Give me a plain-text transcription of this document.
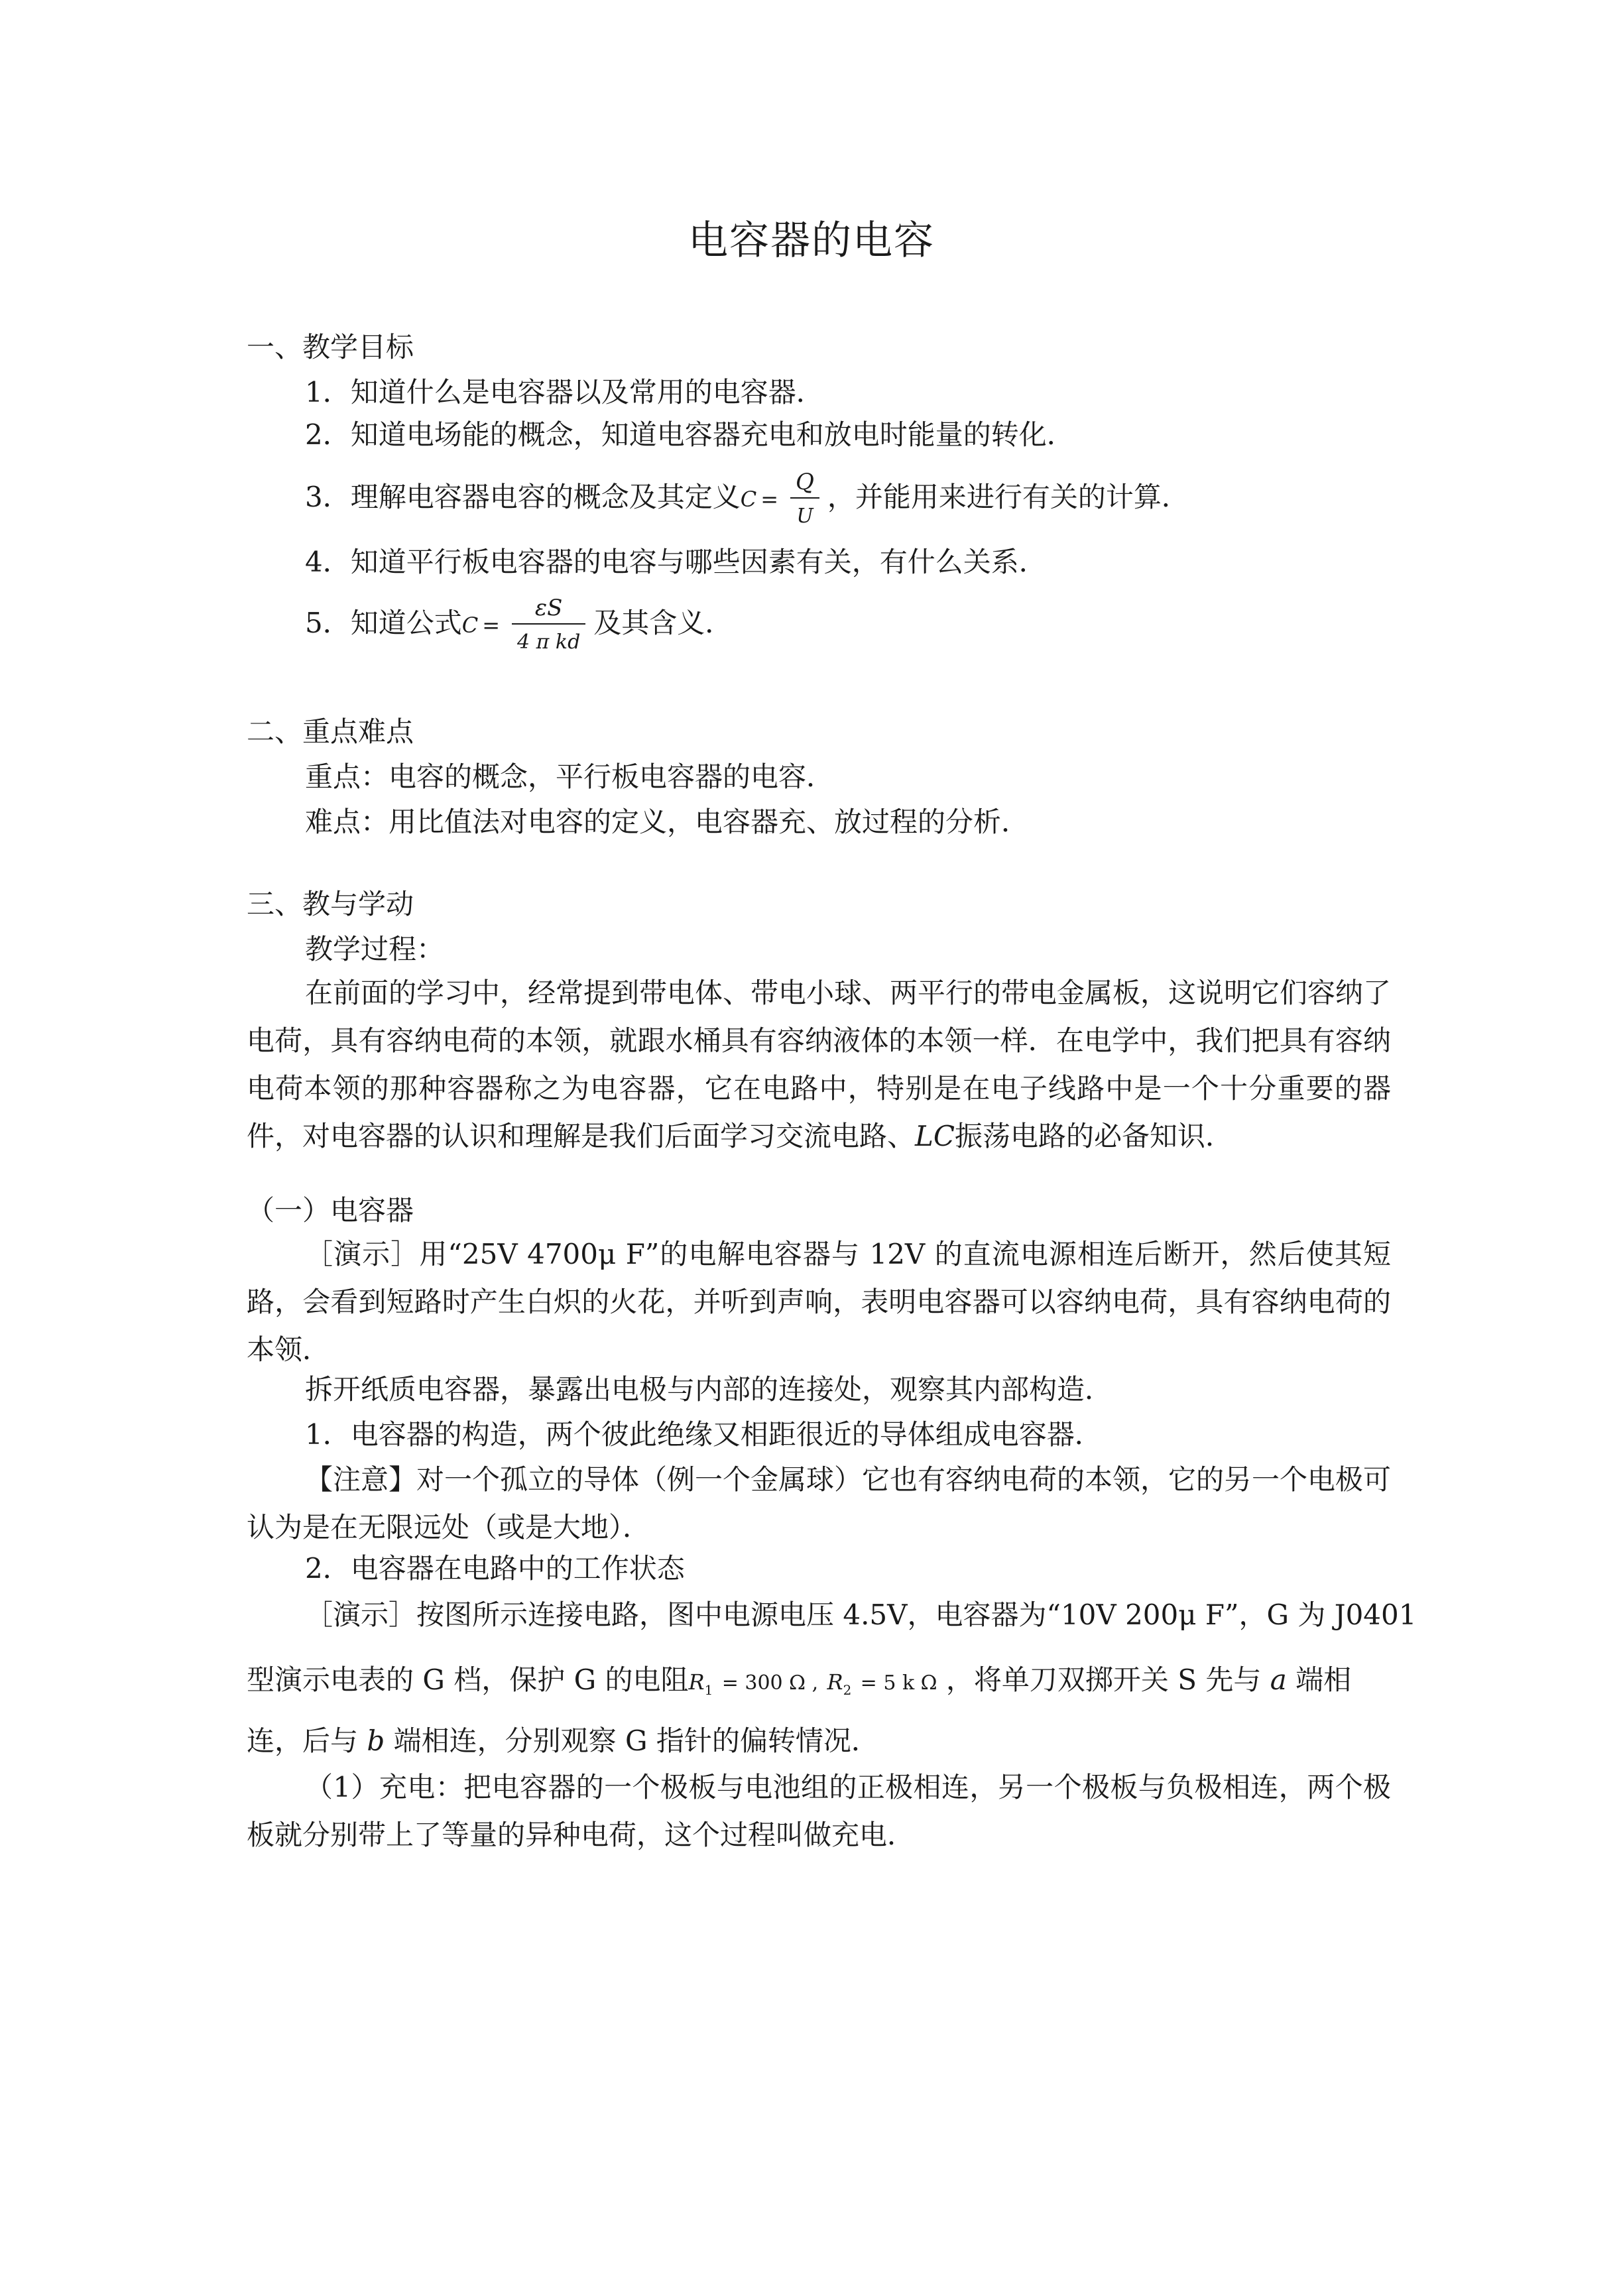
电容器的电容
一、教学目标
1．知道什么是电容器以及常用的电容器．
2．知道电场能的概念，知道电容器充电和放电时能量的转化．
3．理解电容器电容的概念及其定义$C = \frac{Q}{U}$ ，并能用来进行有关的计算．
4．知道平行板电容器的电容与哪些因素有关，有什么关系．
5．知道公式$C = \frac{\varepsilon S}{\text{4 π kd}}$ 及其含义．
二、重点难点
重点：电容的概念，平行板电容器的电容．
难点：用比值法对电容的定义，电容器充、放过程的分析．
三、教与学动
教学过程：
在前面的学习中，经常提到带电体、带电小球、两平行的带电金属板，这说明它们容纳了电荷，具有容纳电荷的本领，就跟水桶具有容纳液体的本领一样．在电学中，我们把具有容纳电荷本领的那种容器称之为电容器，它在电路中，特别是在电子线路中是一个十分重要的器件，对电容器的认识和理解是我们后面学习交流电路、LC振荡电路的必备知识．
（一）电容器
［演示］用“25V 4700μ F”的电解电容器与 12V 的直流电源相连后断开，然后使其短路，会看到短路时产生白炽的火花，并听到声响，表明电容器可以容纳电荷，具有容纳电荷的本领．
拆开纸质电容器，暴露出电极与内部的连接处，观察其内部构造．
1．电容器的构造，两个彼此绝缘又相距很近的导体组成电容器．
【注意】对一个孤立的导体（例一个金属球）它也有容纳电荷的本领，它的另一个电极可认为是在无限远处（或是大地）．
2．电容器在电路中的工作状态
［演示］按图所示连接电路，图中电源电压 4.5V，电容器为“10V 200μ F”，G 为 J0401
型演示电表的 G 档，保护 G 的电阻$R_1 = 300$ Ω , $R_2 = 5$ k Ω ，将单刀双掷开关 S 先与 a 端相
连，后与 b 端相连，分别观察 G 指针的偏转情况．
（1）充电：把电容器的一个极板与电池组的正极相连，另一个极板与负极相连，两个极板就分别带上了等量的异种电荷，这个过程叫做充电．
